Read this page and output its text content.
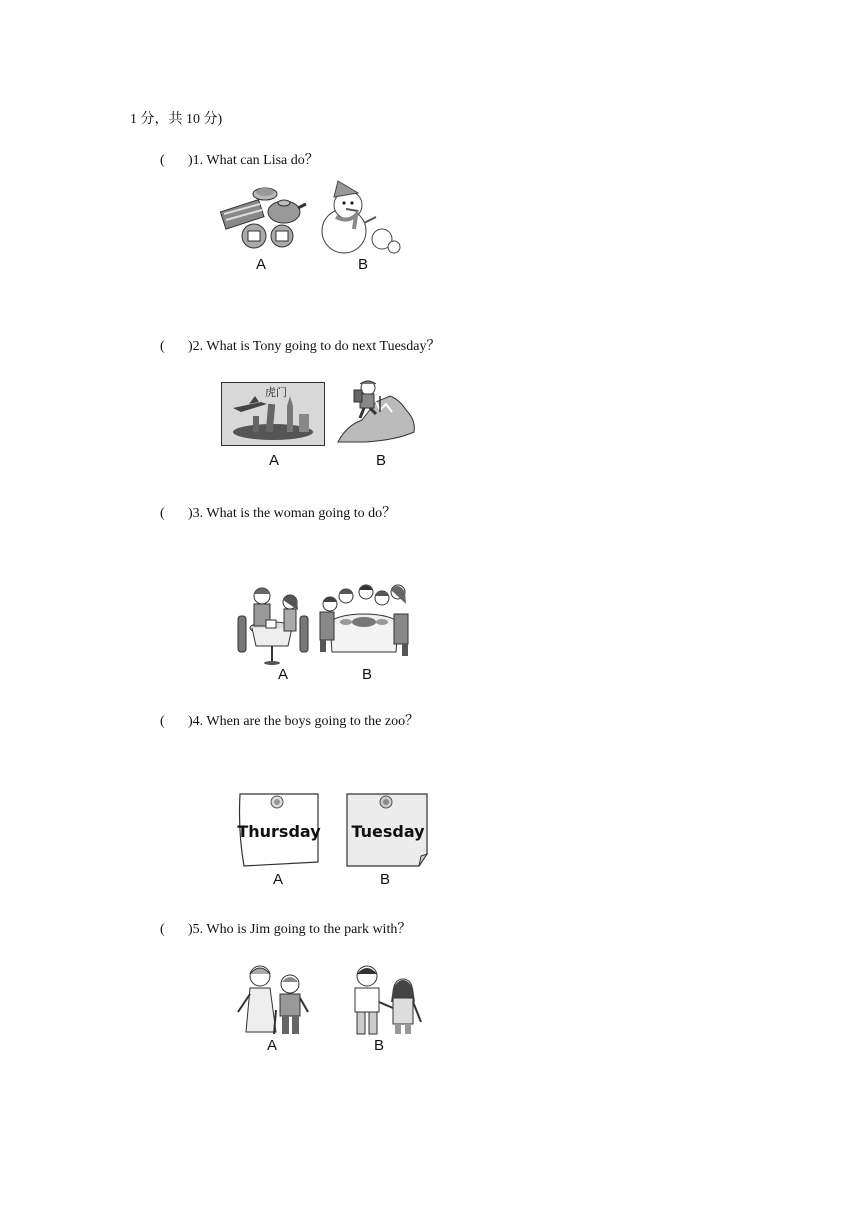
1 分，共 10 分)
( )1. What can Lisa do？
A	B
( )2. What is Tony going to do next Tuesday？
虎门
A	B
( )3. What is the woman going to do？
A	B
( )4. When are the boys going to the zoo？
Thursday
A
Tuesday
B
( )5. Who is Jim going to the park with？
A	B
